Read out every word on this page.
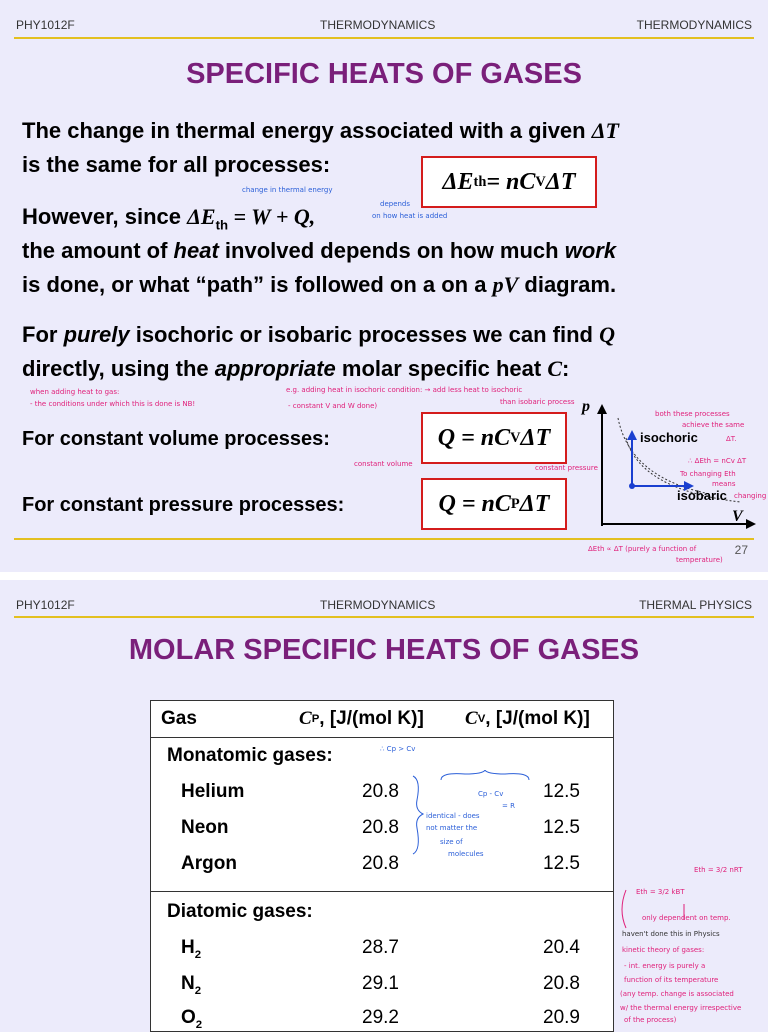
PHY1012F	THERMODYNAMICS	THERMODYNAMICS
SPECIFIC HEATS OF GASES
The change in thermal energy associated with a given ΔT
is the same for all processes:
ΔE th = nC V ΔT
However, since $\Delta E_{th} = W + Q$,
the amount of heat involved depends on how much work
is done, or what “path” is followed on a on a pV diagram.
For purely isochoric or isobaric processes we can find Q
directly, using the appropriate molar specific heat C:
For constant volume processes:	Q = nC V ΔT
For constant pressure processes:	Q = nC P ΔT
p
V
isochoric
isobaric
change in thermal energy
depends
on how heat is added
when adding heat to gas:
- the conditions under which this is done is NB!
e.g. adding heat in isochoric condition: → add less heat to isochoric
than isobaric process
- constant V and W done)
constant volume	constant pressure
both these processes
achieve the same
ΔT.
∴ ΔEth = nCv ΔT
To changing Eth
means
changing
ΔEth ∝ ΔT (purely a function of
temperature)
27
PHY1012F	THERMODYNAMICS	THERMAL PHYSICS
MOLAR SPECIFIC HEATS OF GASES
Gas	C P , [J/(mol K)] C V , [J/(mol K)]
Monatomic gases:
Helium	20.8	12.5
Neon	20.8	12.5
Argon	20.8	12.5
Diatomic gases:
$H_2$	28.7	20.4
$N_2$	29.1	20.8
$O_2$	29.2	20.9
∴ Cp > Cv
Cp - Cv
= R
identical - does
not matter the
size of
molecules
Eth = 3/2 nRT
Eth = 3/2 kBT
only dependent on temp.
haven't done this in Physics
kinetic theory of gases:
- int. energy is purely a
function of its temperature
(any temp. change is associated
w/ the thermal energy irrespective
of the process)
